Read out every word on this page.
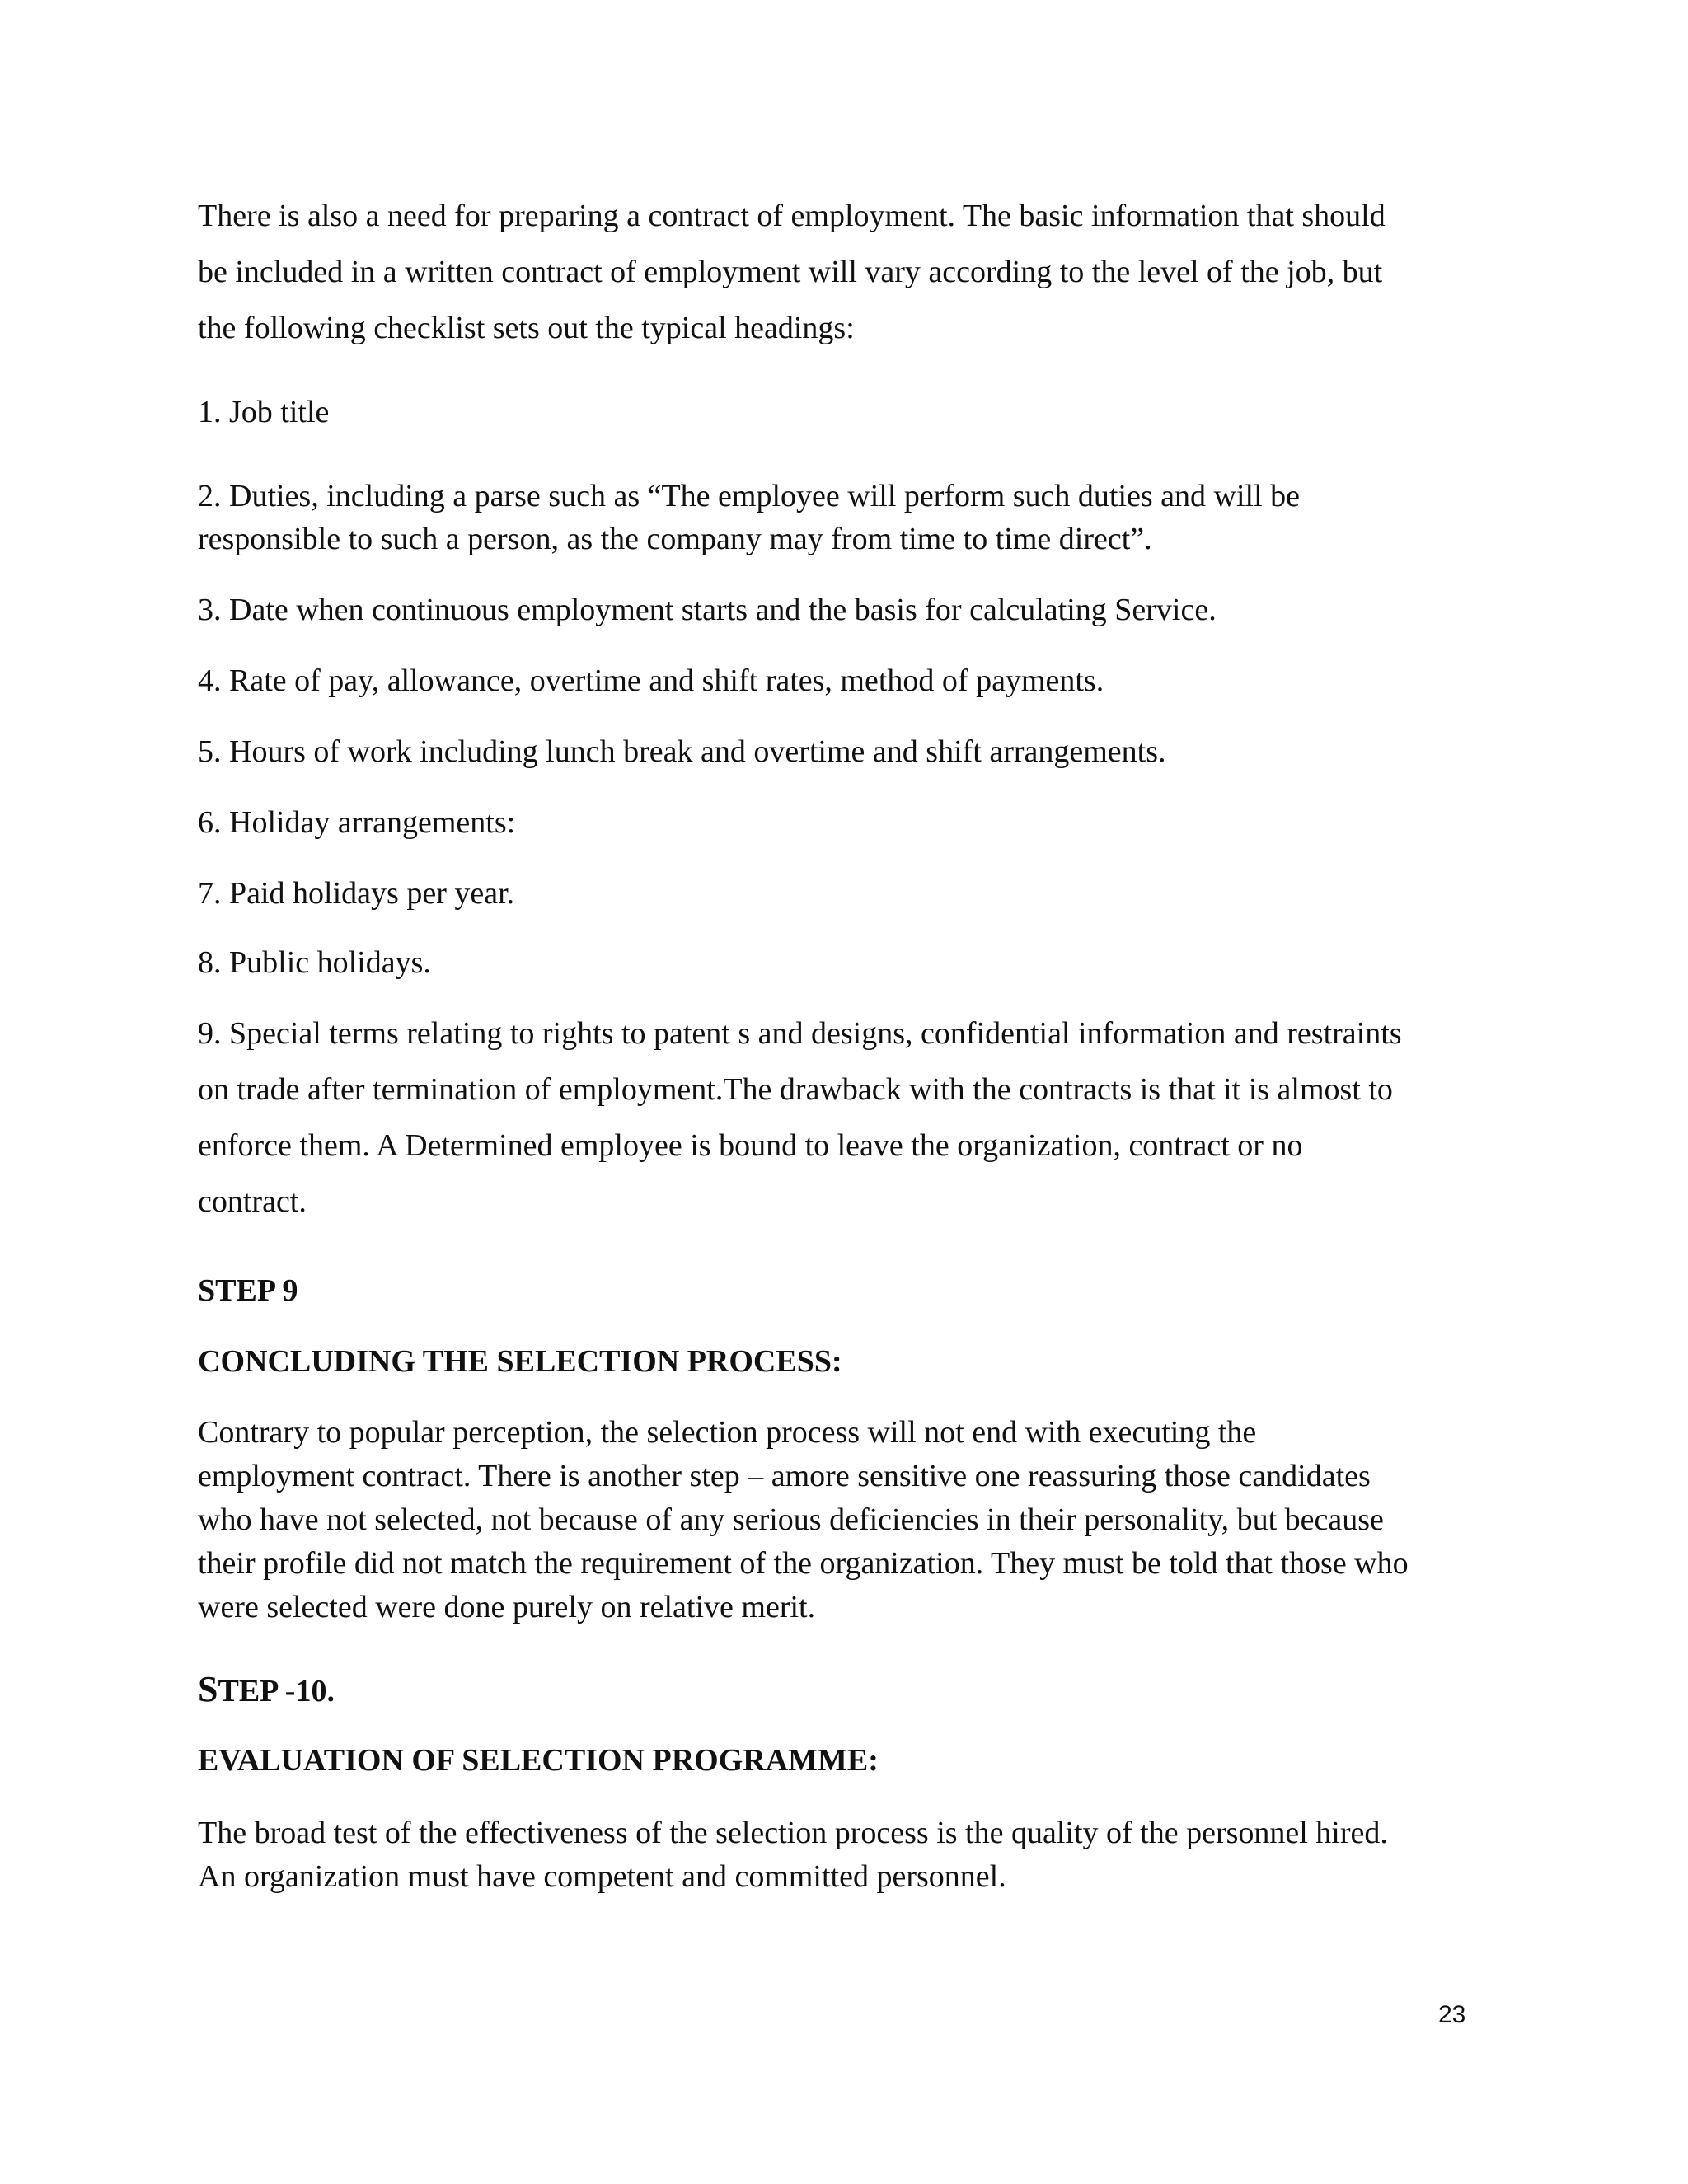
There is also a need for preparing a contract of employment. The basic information that should
be included in a written contract of employment will vary according to the level of the job, but
the following checklist sets out the typical headings:
1. Job title
2. Duties, including a parse such as “The employee will perform such duties and will be
responsible to such a person, as the company may from time to time direct”.
3. Date when continuous employment starts and the basis for calculating Service.
4. Rate of pay, allowance, overtime and shift rates, method of payments.
5. Hours of work including lunch break and overtime and shift arrangements.
6. Holiday arrangements:
7. Paid holidays per year.
8. Public holidays.
9. Special terms relating to rights to patent s and designs, confidential information and restraints
on trade after termination of employment.The drawback with the contracts is that it is almost to
enforce them. A Determined employee is bound to leave the organization, contract or no
contract.
STEP 9
CONCLUDING THE SELECTION PROCESS:
Contrary to popular perception, the selection process will not end with executing the
employment contract. There is another step – amore sensitive one reassuring those candidates
who have not selected, not because of any serious deficiencies in their personality, but because
their profile did not match the requirement of the organization. They must be told that those who
were selected were done purely on relative merit.
STEP -10.
EVALUATION OF SELECTION PROGRAMME:
The broad test of the effectiveness of the selection process is the quality of the personnel hired.
An organization must have competent and committed personnel.
23
